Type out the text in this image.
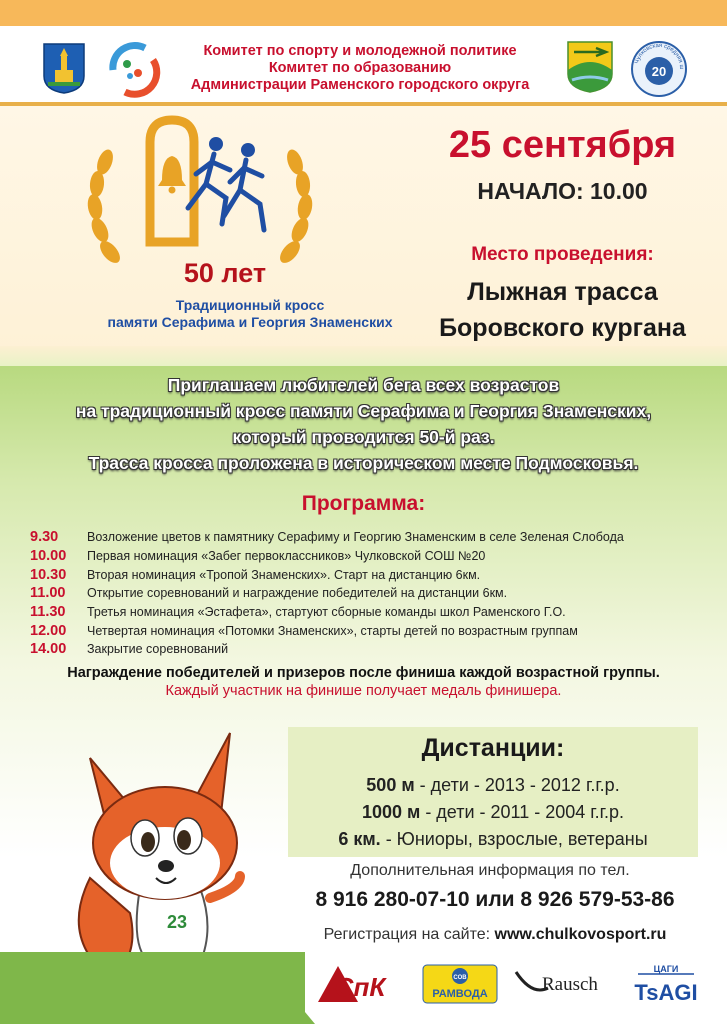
Комитет по спорту и молодежной политике
Комитет по образованию
Администрации Раменского городского округа
20
Чулковская средняя ш
50 лет
Традиционный кросс
памяти Серафима и Георгия Знаменских
25 сентября
НАЧАЛО: 10.00
Место проведения:
Лыжная трасса
Боровского кургана
Приглашаем любителей бега всех возрастов
на традиционный кросс памяти Серафима и Георгия Знаменских,
который проводится 50-й раз.
Трасса кросса проложена в историческом месте Подмосковья.
Программа:
9.30	Возложение цветов к памятнику Серафиму и Георгию Знаменским в селе Зеленая Слобода
10.00	Первая номинация «Забег первоклассников» Чулковской СОШ №20
10.30	Вторая номинация «Тропой Знаменских». Старт на дистанцию 6км.
11.00	Открытие соревнований и награждение победителей на дистанции 6км.
11.30	Третья номинация «Эстафета», стартуют сборные команды школ Раменского Г.О.
12.00	Четвертая номинация «Потомки Знаменских», старты детей по возрастным группам
14.00	Закрытие соревнований
Награждение победителей и призеров после финиша каждой возрастной группы.
Каждый участник на финише получает медаль финишера.
23
Дистанции:
500 м - дети - 2013 - 2012 г.г.р.
1000 м - дети - 2011 - 2004 г.г.р.
6 км. - Юниоры, взрослые, ветераны
Дополнительная информация по тел.
8 916 280-07-10 или 8 926 579-53-86
Регистрация на сайте: www.chulkovosport.ru
СпК	СОВ
РАМВОДА	Rausch
ЦАГИ
TsAGI
